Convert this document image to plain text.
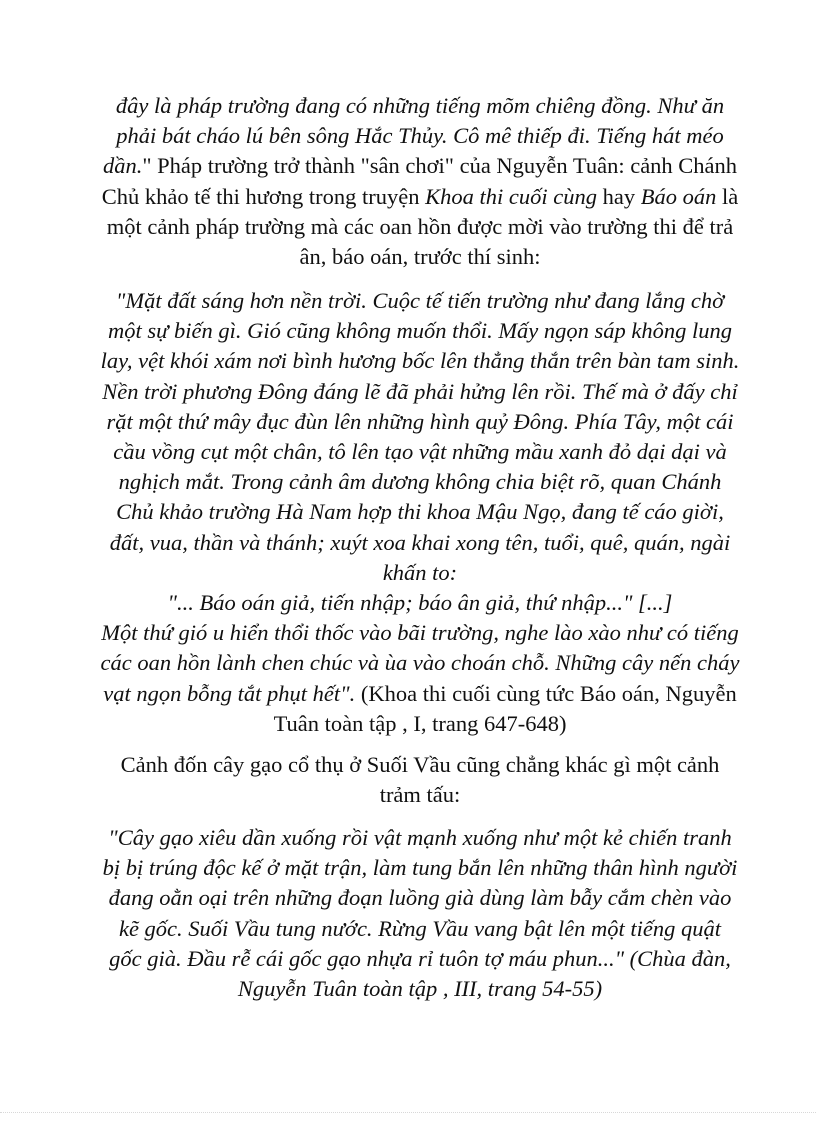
đây là pháp trường đang có những tiếng mõm chiêng đồng. Như ăn phải bát cháo lú bên sông Hắc Thủy. Cô mê thiếp đi. Tiếng hát méo dần." Pháp trường trở thành "sân chơi" của Nguyễn Tuân: cảnh Chánh Chủ khảo tế thi hương trong truyện Khoa thi cuối cùng hay Báo oán là một cảnh pháp trường mà các oan hồn được mời vào trường thi để trả ân, báo oán, trước thí sinh:

"Mặt đất sáng hơn nền trời. Cuộc tế tiến trường như đang lắng chờ một sự biến gì. Gió cũng không muốn thổi. Mấy ngọn sáp không lung lay, vệt khói xám nơi bình hương bốc lên thẳng thắn trên bàn tam sinh. Nền trời phương Đông đáng lẽ đã phải hửng lên rồi. Thế mà ở đấy chỉ rặt một thứ mây đục đùn lên những hình quỷ Đông. Phía Tây, một cái cầu vồng cụt một chân, tô lên tạo vật những mầu xanh đỏ dại dại và nghịch mắt. Trong cảnh âm dương không chia biệt rõ, quan Chánh Chủ khảo trường Hà Nam hợp thi khoa Mậu Ngọ, đang tế cáo giời, đất, vua, thần và thánh; xuýt xoa khai xong tên, tuổi, quê, quán, ngài khấn to:
"... Báo oán giả, tiến nhập; báo ân giả, thứ nhập..." [...]
Một thứ gió u hiển thổi thốc vào bãi trường, nghe lào xào như có tiếng các oan hồn lành chen chúc và ùa vào choán chỗ. Những cây nến cháy vạt ngọn bỗng tắt phụt hết". (Khoa thi cuối cùng tức Báo oán, Nguyễn Tuân toàn tập , I, trang 647-648)

Cảnh đốn cây gạo cổ thụ ở Suối Vầu cũng chẳng khác gì một cảnh trảm tấu:

"Cây gạo xiêu dần xuống rồi vật mạnh xuống như một kẻ chiến tranh bị bị trúng độc kế ở mặt trận, làm tung bắn lên những thân hình người đang oằn oại trên những đoạn luồng già dùng làm bẫy cắm chèn vào kẽ gốc. Suối Vầu tung nước. Rừng Vầu vang bật lên một tiếng quật gốc già. Đầu rễ cái gốc gạo nhựa rỉ tuôn tợ máu phun..." (Chùa đàn, Nguyễn Tuân toàn tập , III, trang 54-55)
